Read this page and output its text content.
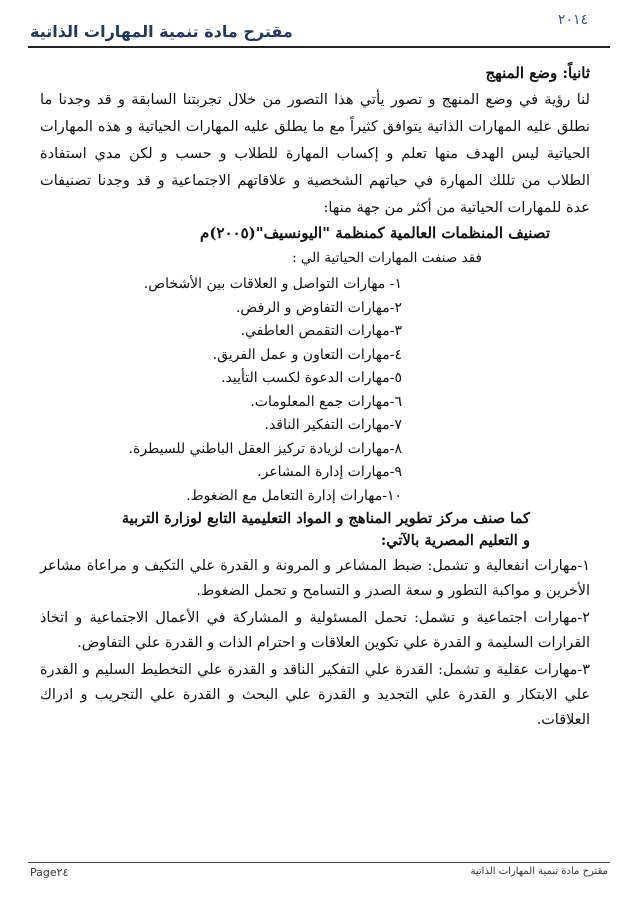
مقترح مادة تنمية المهارات الذاتية
٢٠١٤

ثانياً: وضع المنهج

لنا رؤية في وضع المنهج و تصور يأتي هذا التصور من خلال تجربتنا السابقة و قد وجدنا ما نطلق عليه المهارات الذاتية يتوافق كثيراً مع ما يطلق عليه المهارات الحياتية و هذه المهارات الحياتية ليس الهدف منها تعلم و إكساب المهارة للطلاب و حسب و لكن مدي استفادة الطلاب من تللك المهارة في حياتهم الشخصية و علاقاتهم الاجتماعية و قد وجدنا تصنيفات عدة للمهارات الحياتية من أكثر من جهة منها:

تصنيف المنظمات العالمية كمنظمة "اليونسيف"(٢٠٠٥)م

فقد صنفت المهارات الحياتية الي :

١- مهارات التواصل و العلاقات بين الأشخاص.
٢-مهارات التفاوض و الرفض.
٣-مهارات التقمص العاطفي.
٤-مهارات التعاون و عمل الفريق.
٥-مهارات الدعوة لكسب التأييد.
٦-مهارات جمع المعلومات.
٧-مهارات التفكير الناقد.
٨-مهارات لزيادة تركيز العقل الباطني للسيطرة.
٩-مهارات إدارة المشاعر.
١٠-مهارات إدارة التعامل مع الضغوط.

كما صنف مركز تطوير المناهج و المواد التعليمية التابع لوزارة التربية
و التعليم المصرية بالآتي:

١-مهارات انفعالية و تشمل: ضبط المشاعر و المرونة و القدرة علي التكيف و مراعاة مشاعر الأخرين و مواكبة التطور و سعة الصدر و التسامح و تحمل الضغوط.

٢-مهارات اجتماعية و تشمل: تحمل المسئولية و المشاركة في الأعمال الاجتماعية و اتخاذ القرارات السليمة و القدرة علي تكوين العلاقات و احترام الذات و القدرة علي التفاوض.

٣-مهارات عقلية و تشمل: القدرة علي التفكير الناقد و القدرة علي التخطيط السليم و القدرة علي الابتكار و القدرة علي التجديد و القدرة علي البحث و القدرة علي التجريب و ادراك العلاقات.

Page٢٤	مقترح مادة تنمية المهارات الذاتية
